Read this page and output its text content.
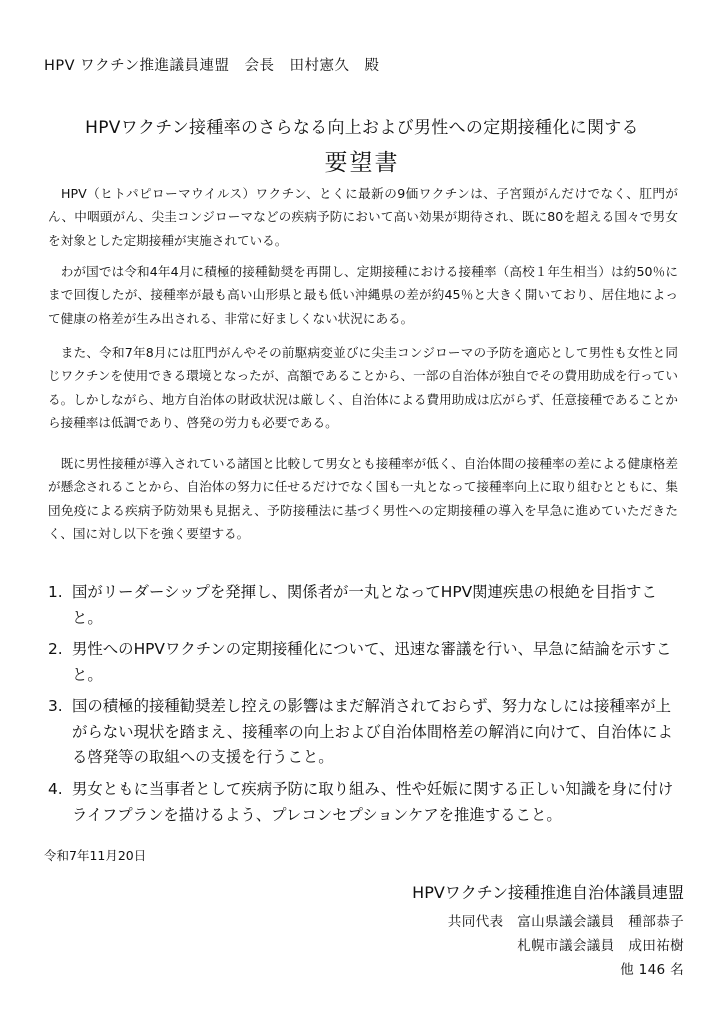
HPV ワクチン推進議員連盟　会長　田村憲久　殿
HPVワクチン接種率のさらなる向上および男性への定期接種化に関する
要望書
　HPV（ヒトパピローマウイルス）ワクチン、とくに最新の9価ワクチンは、子宮頸がんだけでなく、肛門がん、中咽頭がん、尖圭コンジローマなどの疾病予防において高い効果が期待され、既に80を超える国々で男女を対象とした定期接種が実施されている。
　わが国では令和4年4月に積極的接種勧奨を再開し、定期接種における接種率（高校１年生相当）は約50％にまで回復したが、接種率が最も高い山形県と最も低い沖縄県の差が約45％と大きく開いており、居住地によって健康の格差が生み出される、非常に好ましくない状況にある。
　また、令和7年8月には肛門がんやその前駆病変並びに尖圭コンジローマの予防を適応として男性も女性と同じワクチンを使用できる環境となったが、高額であることから、一部の自治体が独自でその費用助成を行っている。しかしながら、地方自治体の財政状況は厳しく、自治体による費用助成は広がらず、任意接種であることから接種率は低調であり、啓発の労力も必要である。
　既に男性接種が導入されている諸国と比較して男女とも接種率が低く、自治体間の接種率の差による健康格差が懸念されることから、自治体の努力に任せるだけでなく国も一丸となって接種率向上に取り組むとともに、集団免疫による疾病予防効果も見据え、予防接種法に基づく男性への定期接種の導入を早急に進めていただきたく、国に対し以下を強く要望する。
1. 国がリーダーシップを発揮し、関係者が一丸となってHPV関連疾患の根絶を目指すこと。
2. 男性へのHPVワクチンの定期接種化について、迅速な審議を行い、早急に結論を示すこと。
3. 国の積極的接種勧奨差し控えの影響はまだ解消されておらず、努力なしには接種率が上がらない現状を踏まえ、接種率の向上および自治体間格差の解消に向けて、自治体による啓発等の取組への支援を行うこと。
4. 男女ともに当事者として疾病予防に取り組み、性や妊娠に関する正しい知識を身に付けライフプランを描けるよう、プレコンセプションケアを推進すること。
令和7年11月20日
HPVワクチン接種推進自治体議員連盟
共同代表　富山県議会議員　種部恭子
札幌市議会議員　成田祐樹
他 146 名
